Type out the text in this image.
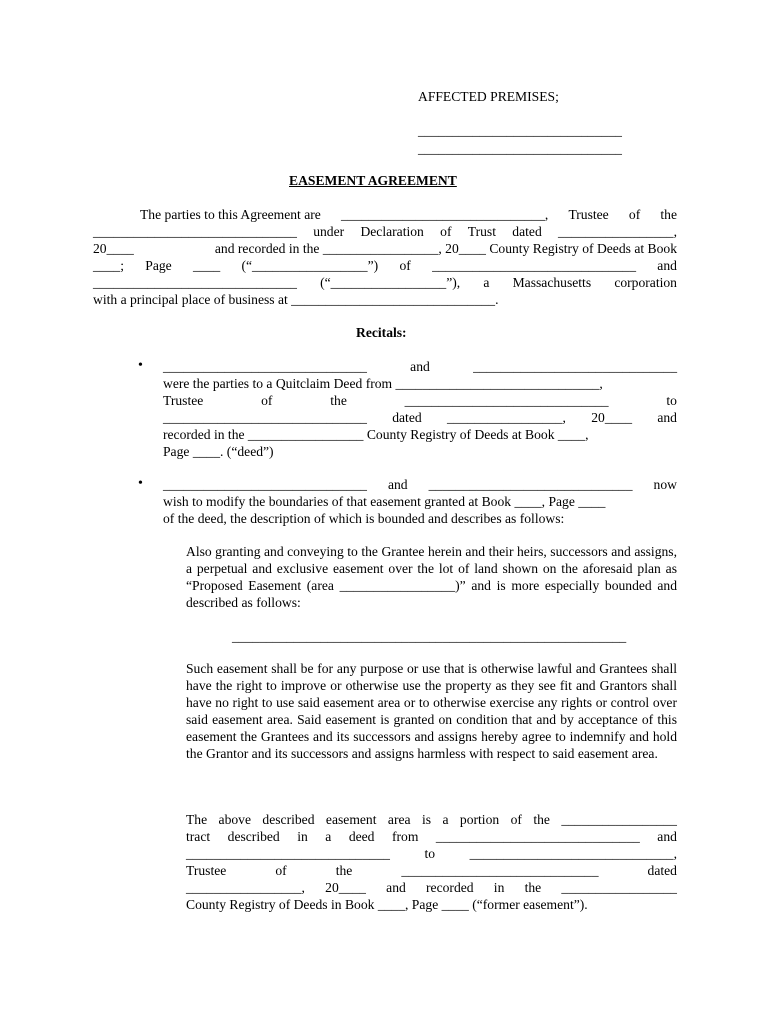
AFFECTED PREMISES;
______________________________
______________________________
EASEMENT AGREEMENT
The parties to this Agreement are ______________________________, Trustee of the
______________________________ under Declaration of Trust dated _________________,
20____	and recorded in the _________________, 20____ County Registry of Deeds at Book
____; Page ____ (“_________________”) of ______________________________ and
______________________________ (“_________________”), a Massachusetts corporation
with a principal place of business at ______________________________.
Recitals:
• ______________________________	and	______________________________
were the parties to a Quitclaim Deed from ______________________________,
Trustee	of	the	______________________________	to
______________________________ dated _________________, 20____ and
recorded in the _________________ County Registry of Deeds at Book ____,
Page ____. (“deed”)
• ______________________________ and ______________________________ now
wish to modify the boundaries of that easement granted at Book ____, Page ____
of the deed, the description of which is bounded and describes as follows:
Also granting and conveying to the Grantee herein and their heirs, successors and assigns, a perpetual and exclusive easement over the lot of land shown on the aforesaid plan as “Proposed Easement (area _________________)” and is more especially bounded and described as follows:
__________________________________________________________
Such easement shall be for any purpose or use that is otherwise lawful and Grantees shall have the right to improve or otherwise use the property as they see fit and Grantors shall have no right to use said easement area or to otherwise exercise any rights or control over said easement area. Said easement is granted on condition that and by acceptance of this easement the Grantees and its successors and assigns hereby agree to indemnify and hold the Grantor and its successors and assigns harmless with respect to said easement area.
The above described easement area is a portion of the _________________
tract described in a deed from ______________________________ and
______________________________	to	______________________________,
Trustee	of	the	_____________________________	dated
_________________, 20____ and recorded in the _________________
County Registry of Deeds in Book ____, Page ____ (“former easement”).
